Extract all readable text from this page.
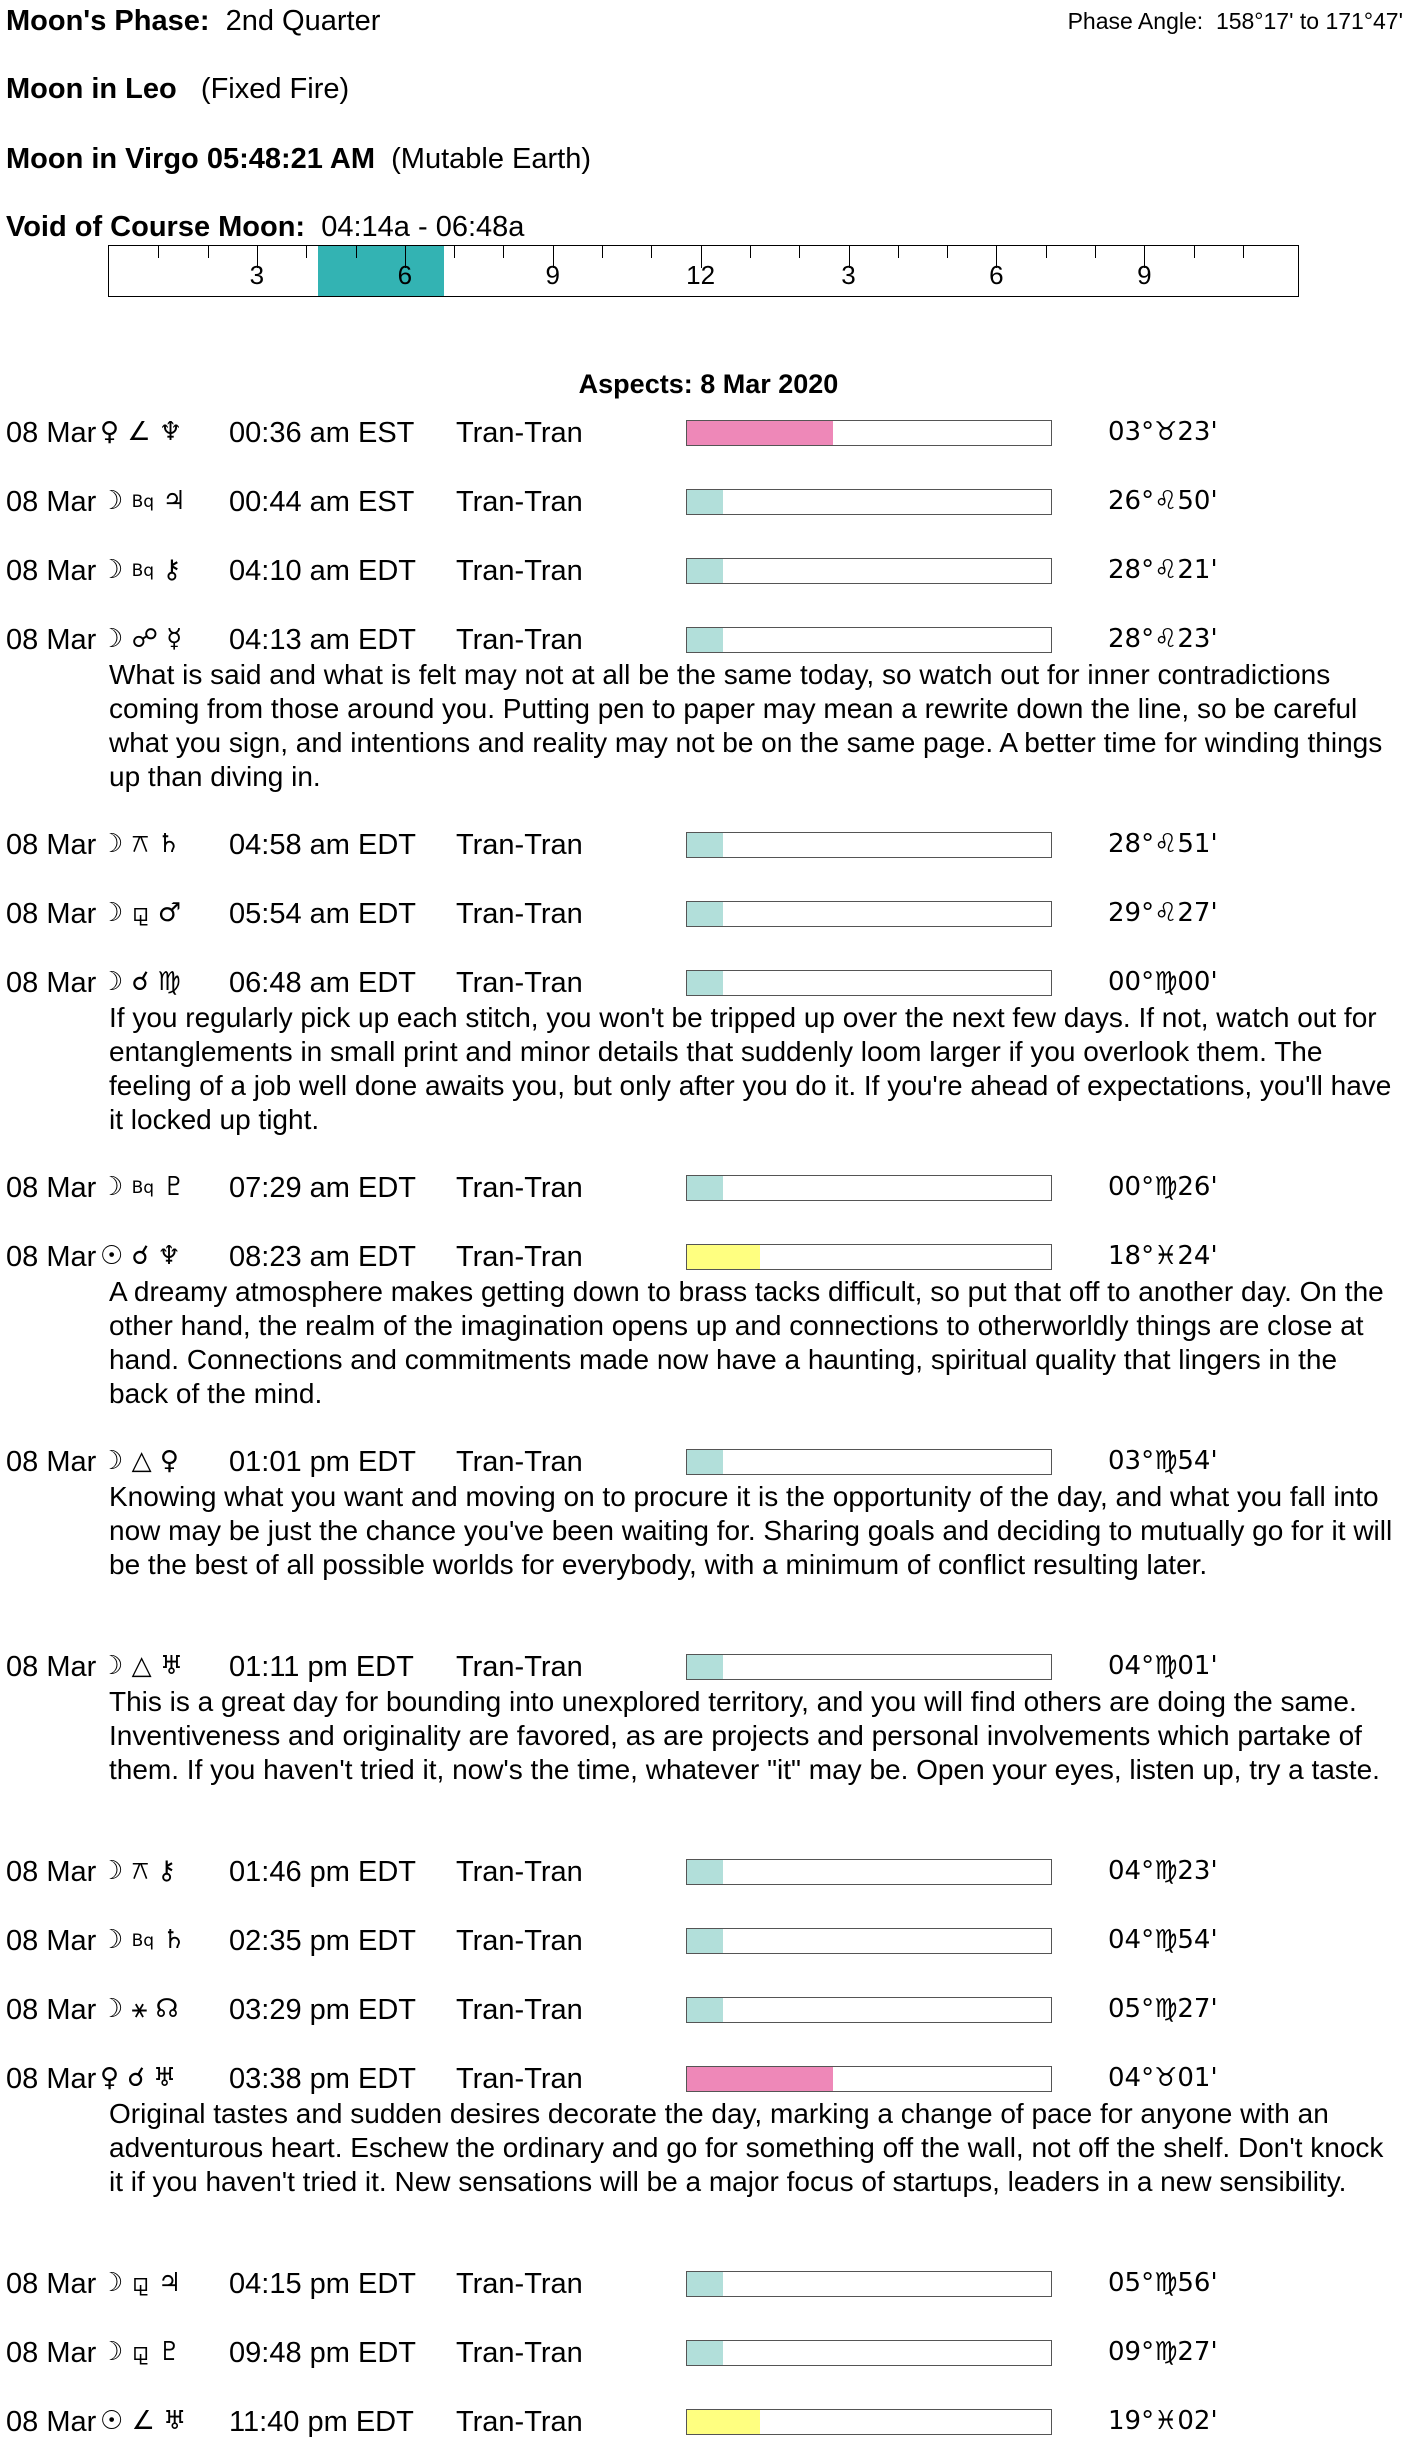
Moon's Phase: 2nd Quarter	Phase Angle: 158°17' to 171°47'
Moon in Leo (Fixed Fire)
Moon in Virgo 05:48:21 AM (Mutable Earth)
Void of Course Moon: 04:14a - 06:48a
3	6	9	12	3	6	9
Aspects: 8 Mar 2020
08 Mar ♀ ∠ ♆ 00:36 am EST Tran-Tran	03°♉23'
08 Mar ☽ Bq ♃ 00:44 am EST Tran-Tran	26°♌50'
08 Mar ☽ Bq ⚷ 04:10 am EDT Tran-Tran	28°♌21'
08 Mar ☽ ☍ ☿ 04:13 am EDT Tran-Tran	28°♌23'
What is said and what is felt may not at all be the same today, so watch out for inner contradictions coming from those around you. Putting pen to paper may mean a rewrite down the line, so be careful what you sign, and intentions and reality may not be on the same page. A better time for winding things up than diving in.
08 Mar ☽ ⚻ ♄ 04:58 am EDT Tran-Tran	28°♌51'
08 Mar ☽ ⚼ ♂ 05:54 am EDT Tran-Tran	29°♌27'
08 Mar ☽ ☌ ♍ 06:48 am EDT Tran-Tran	00°♍00'
If you regularly pick up each stitch, you won't be tripped up over the next few days. If not, watch out for entanglements in small print and minor details that suddenly loom larger if you overlook them. The feeling of a job well done awaits you, but only after you do it. If you're ahead of expectations, you'll have it locked up tight.
08 Mar ☽ Bq ♇ 07:29 am EDT Tran-Tran	00°♍26'
08 Mar ☉ ☌ ♆ 08:23 am EDT Tran-Tran	18°♓24'
A dreamy atmosphere makes getting down to brass tacks difficult, so put that off to another day. On the other hand, the realm of the imagination opens up and connections to otherworldly things are close at hand. Connections and commitments made now have a haunting, spiritual quality that lingers in the back of the mind.
08 Mar ☽ △ ♀ 01:01 pm EDT Tran-Tran	03°♍54'
Knowing what you want and moving on to procure it is the opportunity of the day, and what you fall into now may be just the chance you've been waiting for. Sharing goals and deciding to mutually go for it will be the best of all possible worlds for everybody, with a minimum of conflict resulting later.
08 Mar ☽ △ ♅ 01:11 pm EDT Tran-Tran	04°♍01'
This is a great day for bounding into unexplored territory, and you will find others are doing the same. Inventiveness and originality are favored, as are projects and personal involvements which partake of them. If you haven't tried it, now's the time, whatever "it" may be. Open your eyes, listen up, try a taste.
08 Mar ☽ ⚻ ⚷ 01:46 pm EDT Tran-Tran	04°♍23'
08 Mar ☽ Bq ♄ 02:35 pm EDT Tran-Tran	04°♍54'
08 Mar ☽ ⚹ ☊ 03:29 pm EDT Tran-Tran	05°♍27'
08 Mar ♀ ☌ ♅ 03:38 pm EDT Tran-Tran	04°♉01'
Original tastes and sudden desires decorate the day, marking a change of pace for anyone with an adventurous heart. Eschew the ordinary and go for something off the wall, not off the shelf. Don't knock it if you haven't tried it. New sensations will be a major focus of startups, leaders in a new sensibility.
08 Mar ☽ ⚼ ♃ 04:15 pm EDT Tran-Tran	05°♍56'
08 Mar ☽ ⚼ ♇ 09:48 pm EDT Tran-Tran	09°♍27'
08 Mar ☉ ∠ ♅ 11:40 pm EDT Tran-Tran	19°♓02'
